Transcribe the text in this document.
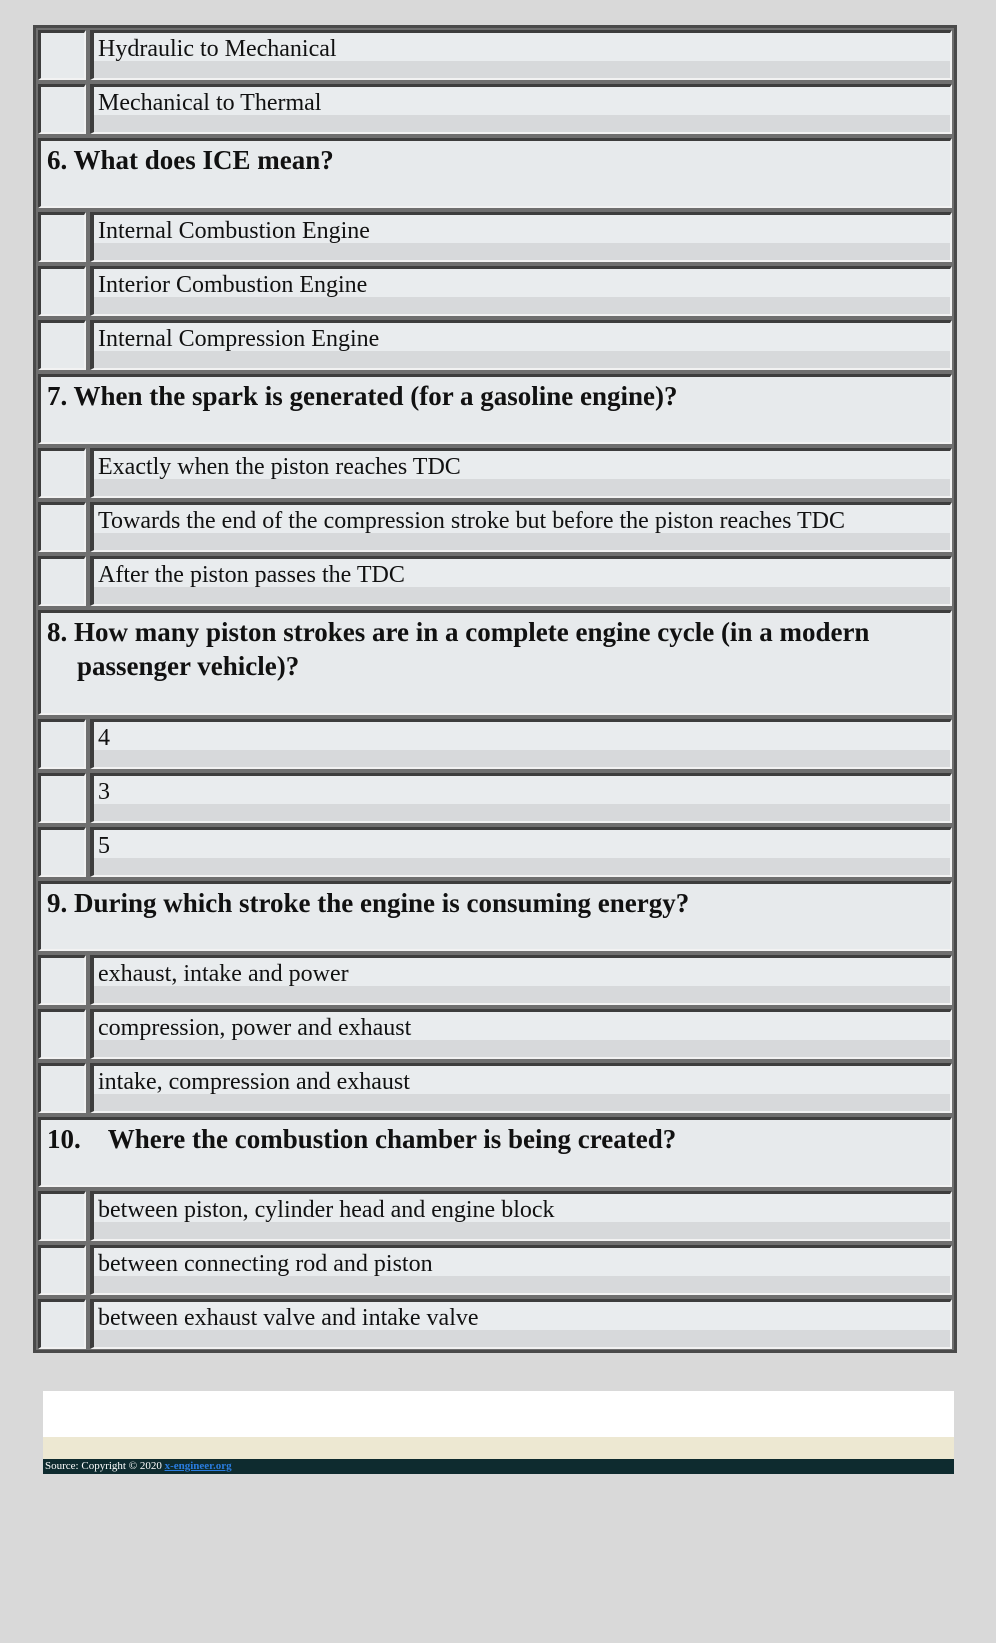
Hydraulic to Mechanical
Mechanical to Thermal
6. What does ICE mean?
Internal Combustion Engine
Interior Combustion Engine
Internal Compression Engine
7. When the spark is generated (for a gasoline engine)?
Exactly when the piston reaches TDC
Towards the end of the compression stroke but before the piston reaches TDC
After the piston passes the TDC
8. How many piston strokes are in a complete engine cycle (in a modern passenger vehicle)?
4
3
5
9. During which stroke the engine is consuming energy?
exhaust, intake and power
compression, power and exhaust
intake, compression and exhaust
10. Where the combustion chamber is being created?
between piston, cylinder head and engine block
between connecting rod and piston
between exhaust valve and intake valve
Source: Copyright © 2020 x-engineer.org
